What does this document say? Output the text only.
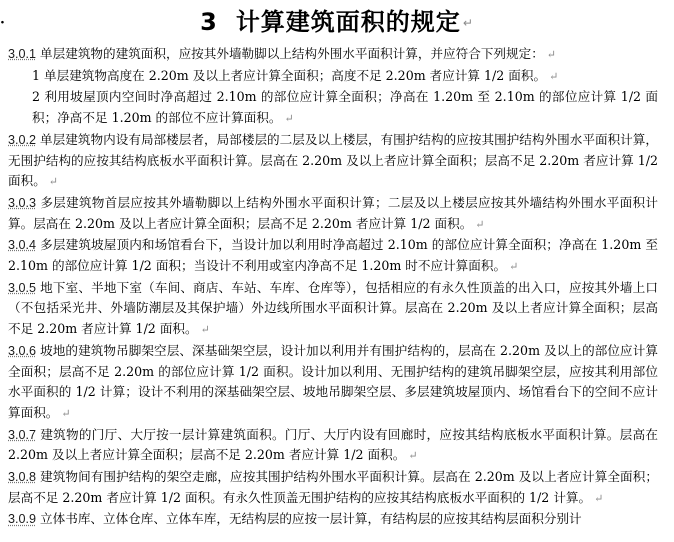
·	3 计算建筑面积的规定 ↵

3.0.1 单层建筑物的建筑面积，应按其外墙勒脚以上结构外围水平面积计算，并应符合下列规定： ↵

1 单层建筑物高度在 2.20m 及以上者应计算全面积；高度不足 2.20m 者应计算 1/2 面积。 ↵

2 利用坡屋顶内空间时净高超过 2.10m 的部位应计算全面积；净高在 1.20m 至 2.10m 的部位应计算 1/2 面积；净高不足 1.20m 的部位不应计算面积。 ↵

3.0.2 单层建筑物内设有局部楼层者，局部楼层的二层及以上楼层，有围护结构的应按其围护结构外围水平面积计算，无围护结构的应按其结构底板水平面积计算。层高在 2.20m 及以上者应计算全面积；层高不足 2.20m 者应计算 1/2 面积。 ↵

3.0.3 多层建筑物首层应按其外墙勒脚以上结构外围水平面积计算；二层及以上楼层应按其外墙结构外围水平面积计算。层高在 2.20m 及以上者应计算全面积；层高不足 2.20m 者应计算 1/2 面积。 ↵

3.0.4 多层建筑坡屋顶内和场馆看台下，当设计加以利用时净高超过 2.10m 的部位应计算全面积；净高在 1.20m 至 2.10m 的部位应计算 1/2 面积；当设计不利用或室内净高不足 1.20m 时不应计算面积。 ↵

3.0.5 地下室、半地下室（车间、商店、车站、车库、仓库等），包括相应的有永久性顶盖的出入口，应按其外墙上口（不包括采光井、外墙防潮层及其保护墙）外边线所围水平面积计算。层高在 2.20m 及以上者应计算全面积；层高不足 2.20m 者应计算 1/2 面积。 ↵

3.0.6 坡地的建筑物吊脚架空层、深基础架空层，设计加以利用并有围护结构的，层高在 2.20m 及以上的部位应计算全面积；层高不足 2.20m 的部位应计算 1/2 面积。设计加以利用、无围护结构的建筑吊脚架空层，应按其利用部位水平面积的 1/2 计算；设计不利用的深基础架空层、坡地吊脚架空层、多层建筑坡屋顶内、场馆看台下的空间不应计算面积。 ↵

3.0.7 建筑物的门厅、大厅按一层计算建筑面积。门厅、大厅内设有回廊时，应按其结构底板水平面积计算。层高在 2.20m 及以上者应计算全面积；层高不足 2.20m 者应计算 1/2 面积。 ↵

3.0.8 建筑物间有围护结构的架空走廊，应按其围护结构外围水平面积计算。层高在 2.20m 及以上者应计算全面积；层高不足 2.20m 者应计算 1/2 面积。有永久性顶盖无围护结构的应按其结构底板水平面积的 1/2 计算。 ↵

3.0.9 立体书库、立体仓库、立体车库，无结构层的应按一层计算，有结构层的应按其结构层面积分别计
